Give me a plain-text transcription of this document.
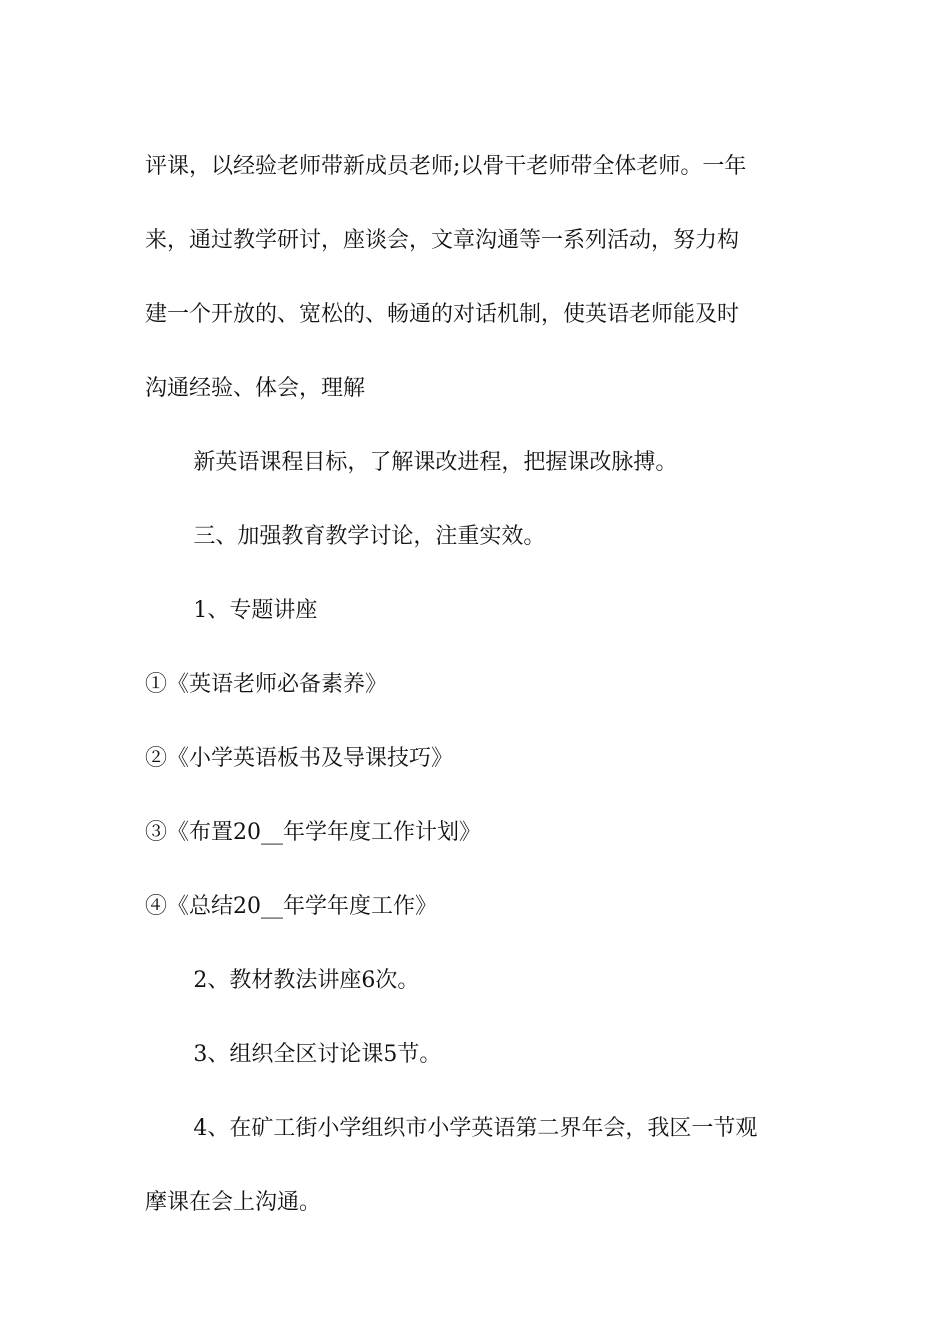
评课，以经验老师带新成员老师;以骨干老师带全体老师。一年

来，通过教学研讨，座谈会，文章沟通等一系列活动，努力构

建一个开放的、宽松的、畅通的对话机制，使英语老师能及时

沟通经验、体会，理解

新英语课程目标，了解课改进程，把握课改脉搏。

三、加强教育教学讨论，注重实效。

1、专题讲座

①《英语老师必备素养》

②《小学英语板书及导课技巧》

③《布置20__年学年度工作计划》

④《总结20__年学年度工作》

2、教材教法讲座6次。

3、组织全区讨论课5节。

4、在矿工街小学组织市小学英语第二界年会，我区一节观

摩课在会上沟通。
